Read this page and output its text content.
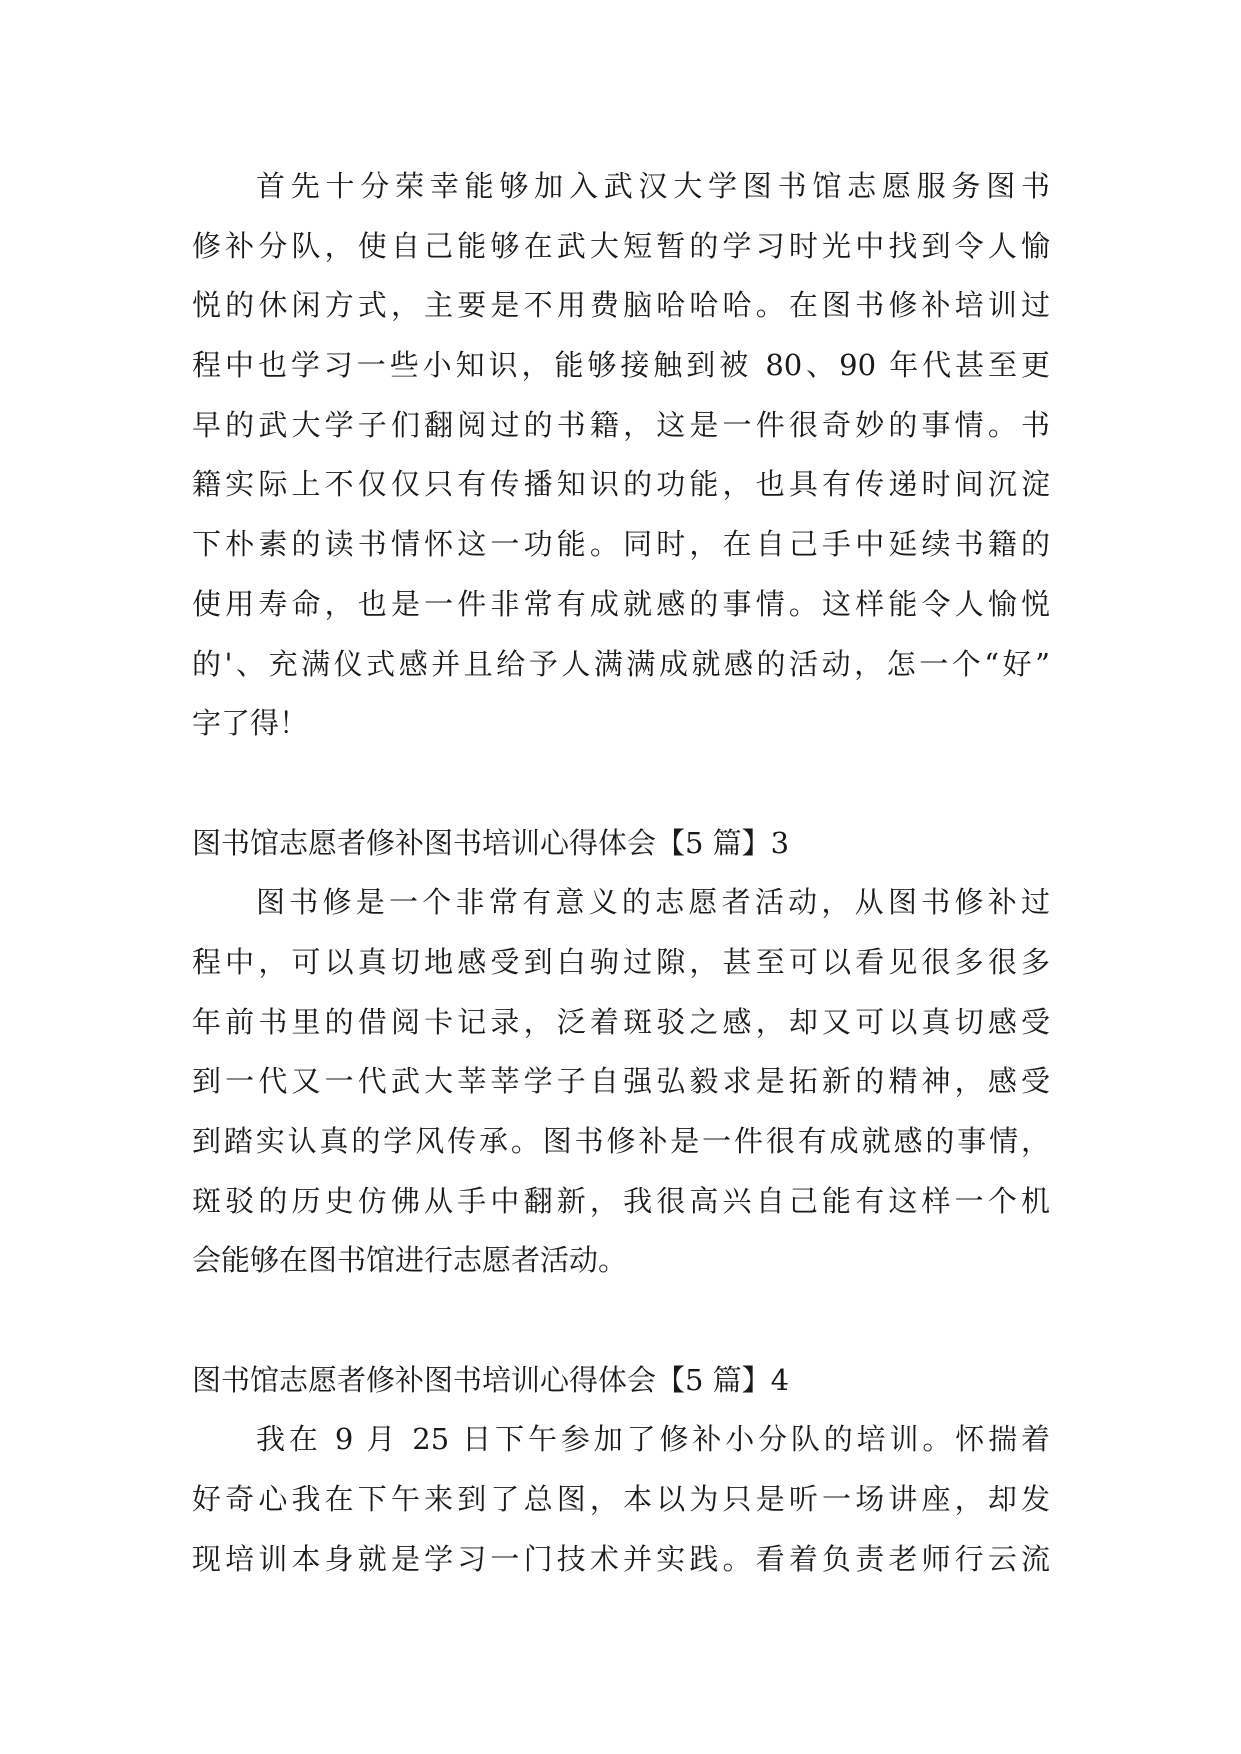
首先十分荣幸能够加入武汉大学图书馆志愿服务图书
修补分队，使自己能够在武大短暂的学习时光中找到令人愉
悦的休闲方式，主要是不用费脑哈哈哈。在图书修补培训过
程中也学习一些小知识，能够接触到被 80、90 年代甚至更
早的武大学子们翻阅过的书籍，这是一件很奇妙的事情。书
籍实际上不仅仅只有传播知识的功能，也具有传递时间沉淀
下朴素的读书情怀这一功能。同时，在自己手中延续书籍的
使用寿命，也是一件非常有成就感的事情。这样能令人愉悦
的'、充满仪式感并且给予人满满成就感的活动，怎一个“好”
字了得！
图书馆志愿者修补图书培训心得体会【5 篇】3
图书修是一个非常有意义的志愿者活动，从图书修补过
程中，可以真切地感受到白驹过隙，甚至可以看见很多很多
年前书里的借阅卡记录，泛着斑驳之感，却又可以真切感受
到一代又一代武大莘莘学子自强弘毅求是拓新的精神，感受
到踏实认真的学风传承。图书修补是一件很有成就感的事情，
斑驳的历史仿佛从手中翻新，我很高兴自己能有这样一个机
会能够在图书馆进行志愿者活动。
图书馆志愿者修补图书培训心得体会【5 篇】4
我在 9 月 25 日下午参加了修补小分队的培训。怀揣着
好奇心我在下午来到了总图，本以为只是听一场讲座，却发
现培训本身就是学习一门技术并实践。看着负责老师行云流
